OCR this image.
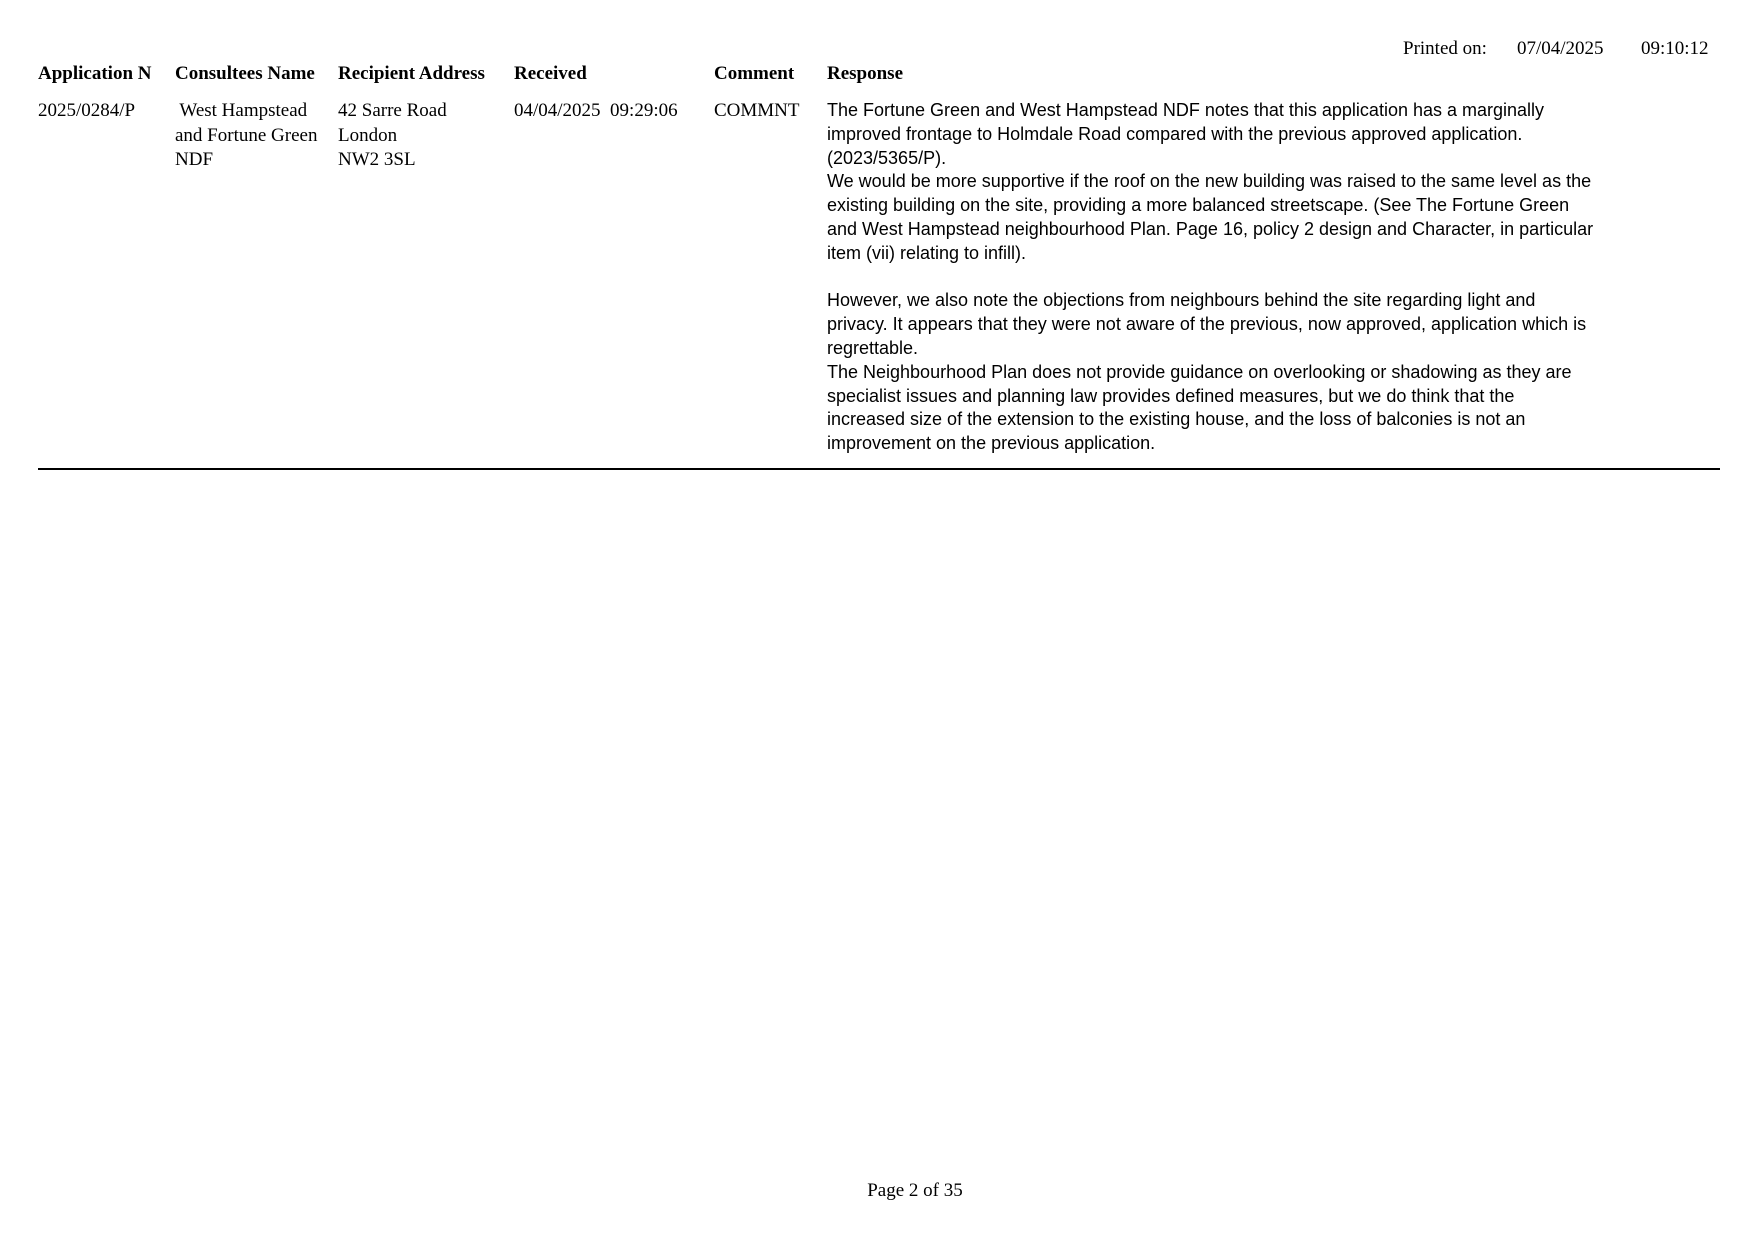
Printed on: 07/04/2025 09:10:12
Application N Consultees Name Recipient Address Received	Comment Response
2025/0284/P West Hampstead
and Fortune Green
NDF
42 Sarre Road
London
NW2 3SL
04/04/2025  09:29:06 COMMNT The Fortune Green and West Hampstead NDF notes that this application has a marginally
improved frontage to Holmdale Road compared with the previous approved application.
(2023/5365/P).
We would be more supportive if the roof on the new building was raised to the same level as the
existing building on the site, providing a more balanced streetscape. (See The Fortune Green
and West Hampstead neighbourhood Plan. Page 16, policy 2 design and Character, in particular
item (vii) relating to infill).

However, we also note the objections from neighbours behind the site regarding light and
privacy. It appears that they were not aware of the previous, now approved, application which is
regrettable.
The Neighbourhood Plan does not provide guidance on overlooking or shadowing as they are
specialist issues and planning law provides defined measures, but we do think that the
increased size of the extension to the existing house, and the loss of balconies is not an
improvement on the previous application.
Page 2 of 35
